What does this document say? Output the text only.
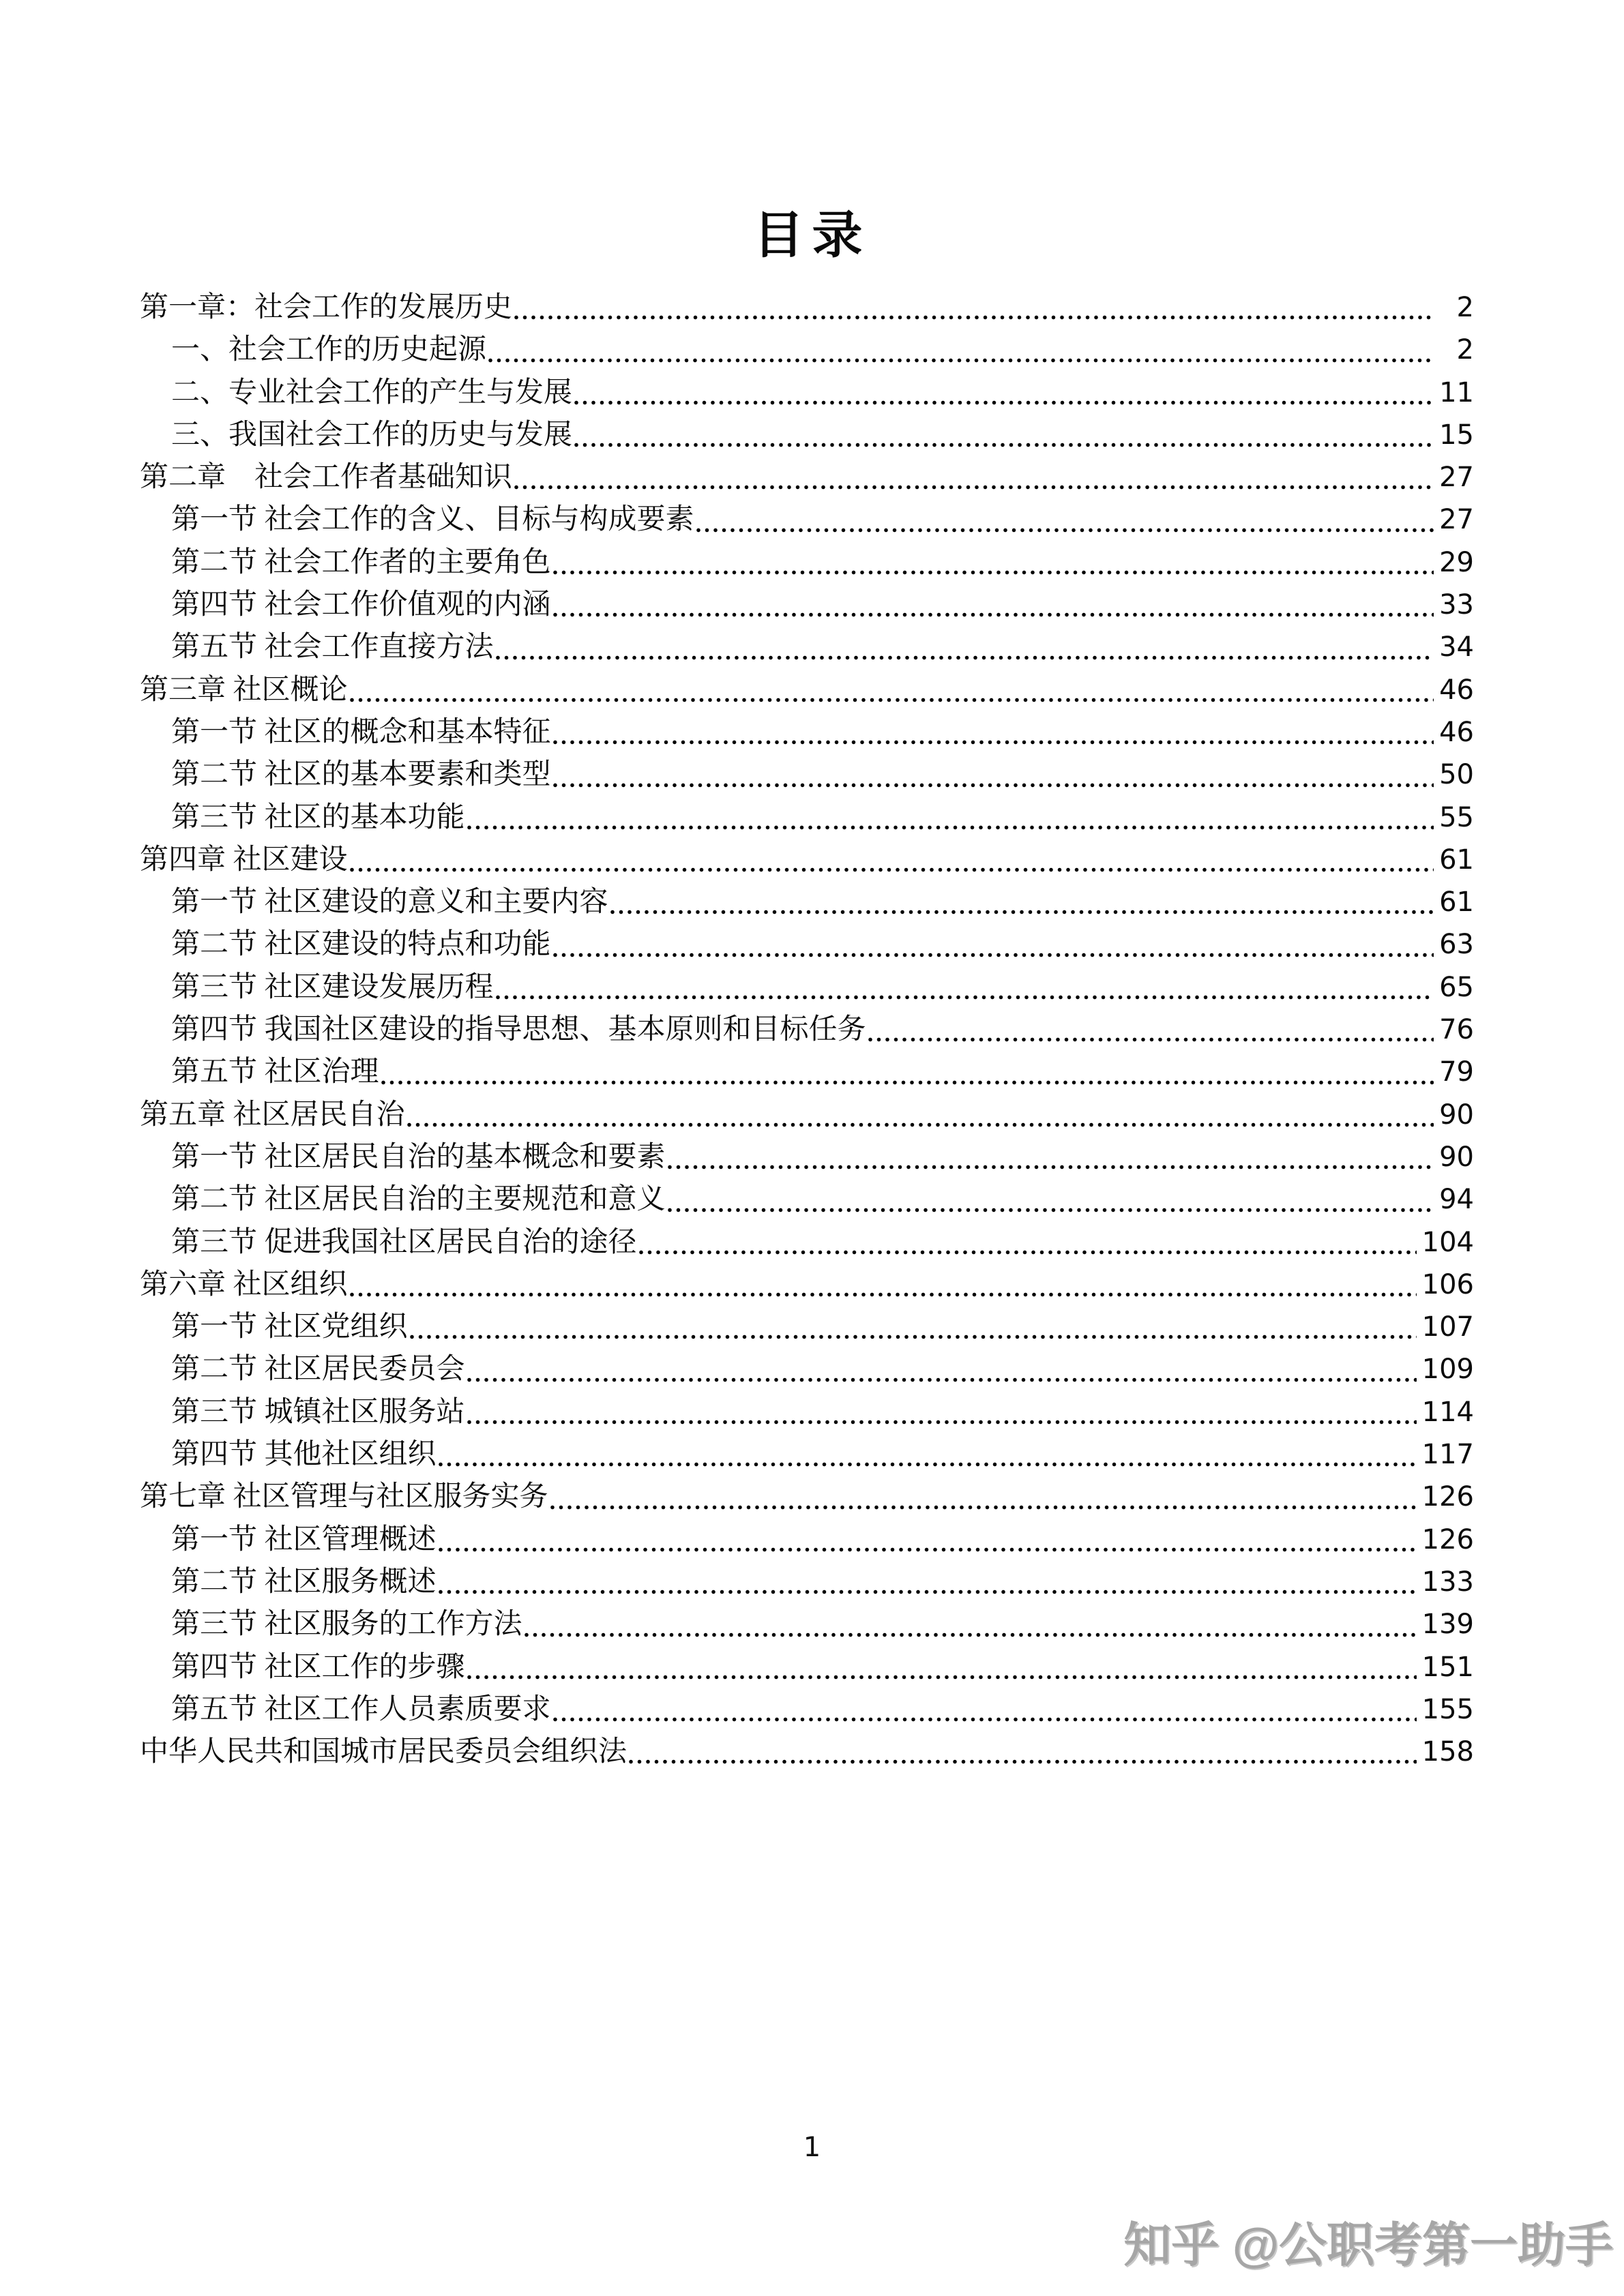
目录
第一章：社会工作的发展历史	2
一、社会工作的历史起源	2
二、专业社会工作的产生与发展	11
三、我国社会工作的历史与发展	15
第二章　社会工作者基础知识	27
第一节 社会工作的含义、目标与构成要素	27
第二节 社会工作者的主要角色	29
第四节 社会工作价值观的内涵	33
第五节 社会工作直接方法	34
第三章 社区概论	46
第一节 社区的概念和基本特征	46
第二节 社区的基本要素和类型	50
第三节 社区的基本功能	55
第四章 社区建设	61
第一节 社区建设的意义和主要内容	61
第二节 社区建设的特点和功能	63
第三节 社区建设发展历程	65
第四节 我国社区建设的指导思想、基本原则和目标任务	76
第五节 社区治理	79
第五章 社区居民自治	90
第一节 社区居民自治的基本概念和要素	90
第二节 社区居民自治的主要规范和意义	94
第三节 促进我国社区居民自治的途径	104
第六章 社区组织	106
第一节 社区党组织	107
第二节 社区居民委员会	109
第三节 城镇社区服务站	114
第四节 其他社区组织	117
第七章 社区管理与社区服务实务	126
第一节 社区管理概述	126
第二节 社区服务概述	133
第三节 社区服务的工作方法	139
第四节 社区工作的步骤	151
第五节 社区工作人员素质要求	155
中华人民共和国城市居民委员会组织法	158
1
知乎 @公职考第一助手
